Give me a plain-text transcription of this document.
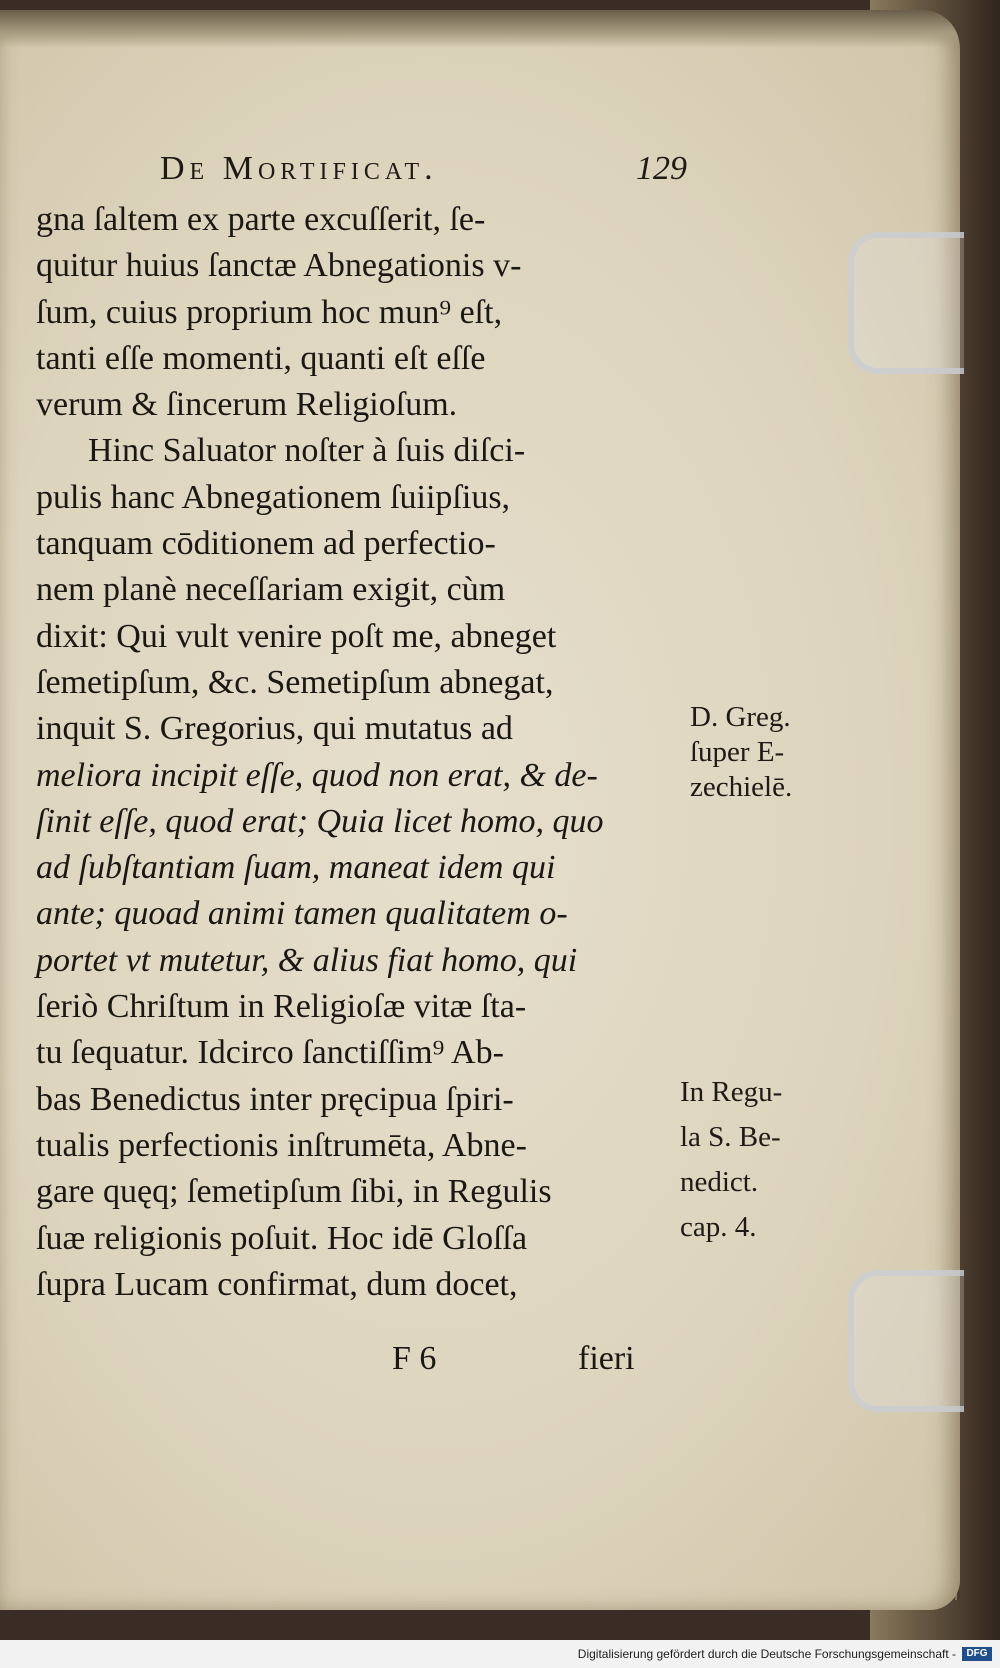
De Mortificat.	129
gna ſaltem ex parte excuſſerit, ſe-
quitur huius ſanctæ Abnegationis v-
ſum, cuius proprium hoc mun⁹ eſt,
tanti eſſe momenti, quanti eſt eſſe
verum & ſincerum Religioſum.
Hinc Saluator noſter à ſuis diſci-
pulis hanc Abnegationem ſuiipſius,
tanquam cōditionem ad perfectio-
nem planè neceſſariam exigit, cùm
dixit: Qui vult venire poſt me, abneget
ſemetipſum, &c. Semetipſum abnegat,
inquit S. Gregorius, qui mutatus ad
meliora incipit eſſe, quod non erat, & de-
ſinit eſſe, quod erat; Quia licet homo, quo
ad ſubſtantiam ſuam, maneat idem qui
ante; quoad animi tamen qualitatem o-
portet vt mutetur, & alius fiat homo, qui
ſeriò Chriſtum in Religioſæ vitæ ſta-
tu ſequatur. Idcirco ſanctiſſim⁹ Ab-
bas Benedictus inter pręcipua ſpiri-
tualis perfectionis inſtrumēta, Abne-
gare quęq; ſemetipſum ſibi, in Regulis
ſuæ religionis poſuit. Hoc idē Gloſſa
ſupra Lucam confirmat, dum docet,
D. Greg.
ſuper E-
zechielē.
In Regu-
la S. Be-
nedict.
cap. 4.
F 6	fieri
Digitalisierung gefördert durch die Deutsche Forschungsgemeinschaft -	DFG
